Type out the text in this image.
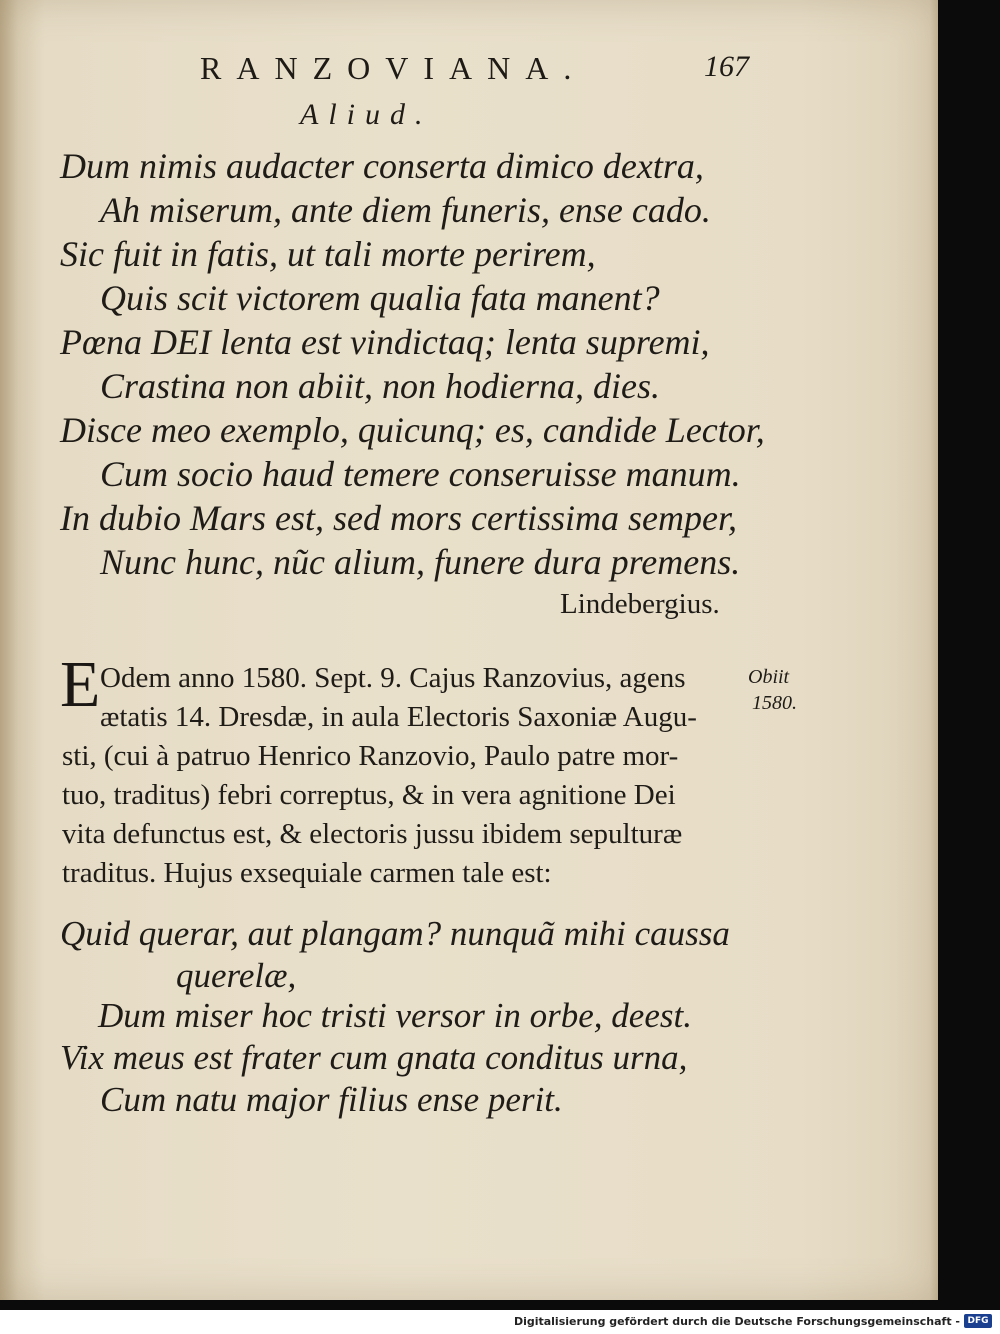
RANZOVIANA.	167
Aliud.
Dum nimis audacter conserta dimico dextra,
Ah miserum, ante diem funeris, ense cado.
Sic fuit in fatis, ut tali morte perirem,
Quis scit victorem qualia fata manent?
Pœna DEI lenta est vindictaq; lenta supremi,
Crastina non abiit, non hodierna, dies.
Disce meo exemplo, quicunq; es, candide Lector,
Cum socio haud temere conseruisse manum.
In dubio Mars est, sed mors certissima semper,
Nunc hunc, nũc alium, funere dura premens.
Lindebergius.
E Odem anno 1580. Sept. 9. Cajus Ranzovius, agens
ætatis 14. Dresdæ, in aula Electoris Saxoniæ Augu-
sti, (cui à patruo Henrico Ranzovio, Paulo patre mor-
tuo, traditus) febri correptus, & in vera agnitione Dei
vita defunctus est, & electoris jussu ibidem sepulturæ
traditus. Hujus exsequiale carmen tale est:
Obiit
1580.
Quid querar, aut plangam? nunquã mihi caussa
querelæ,
Dum miser hoc tristi versor in orbe, deest.
Vix meus est frater cum gnata conditus urna,
Cum natu major filius ense perit.
Digitalisierung gefördert durch die Deutsche Forschungsgemeinschaft - DFG
